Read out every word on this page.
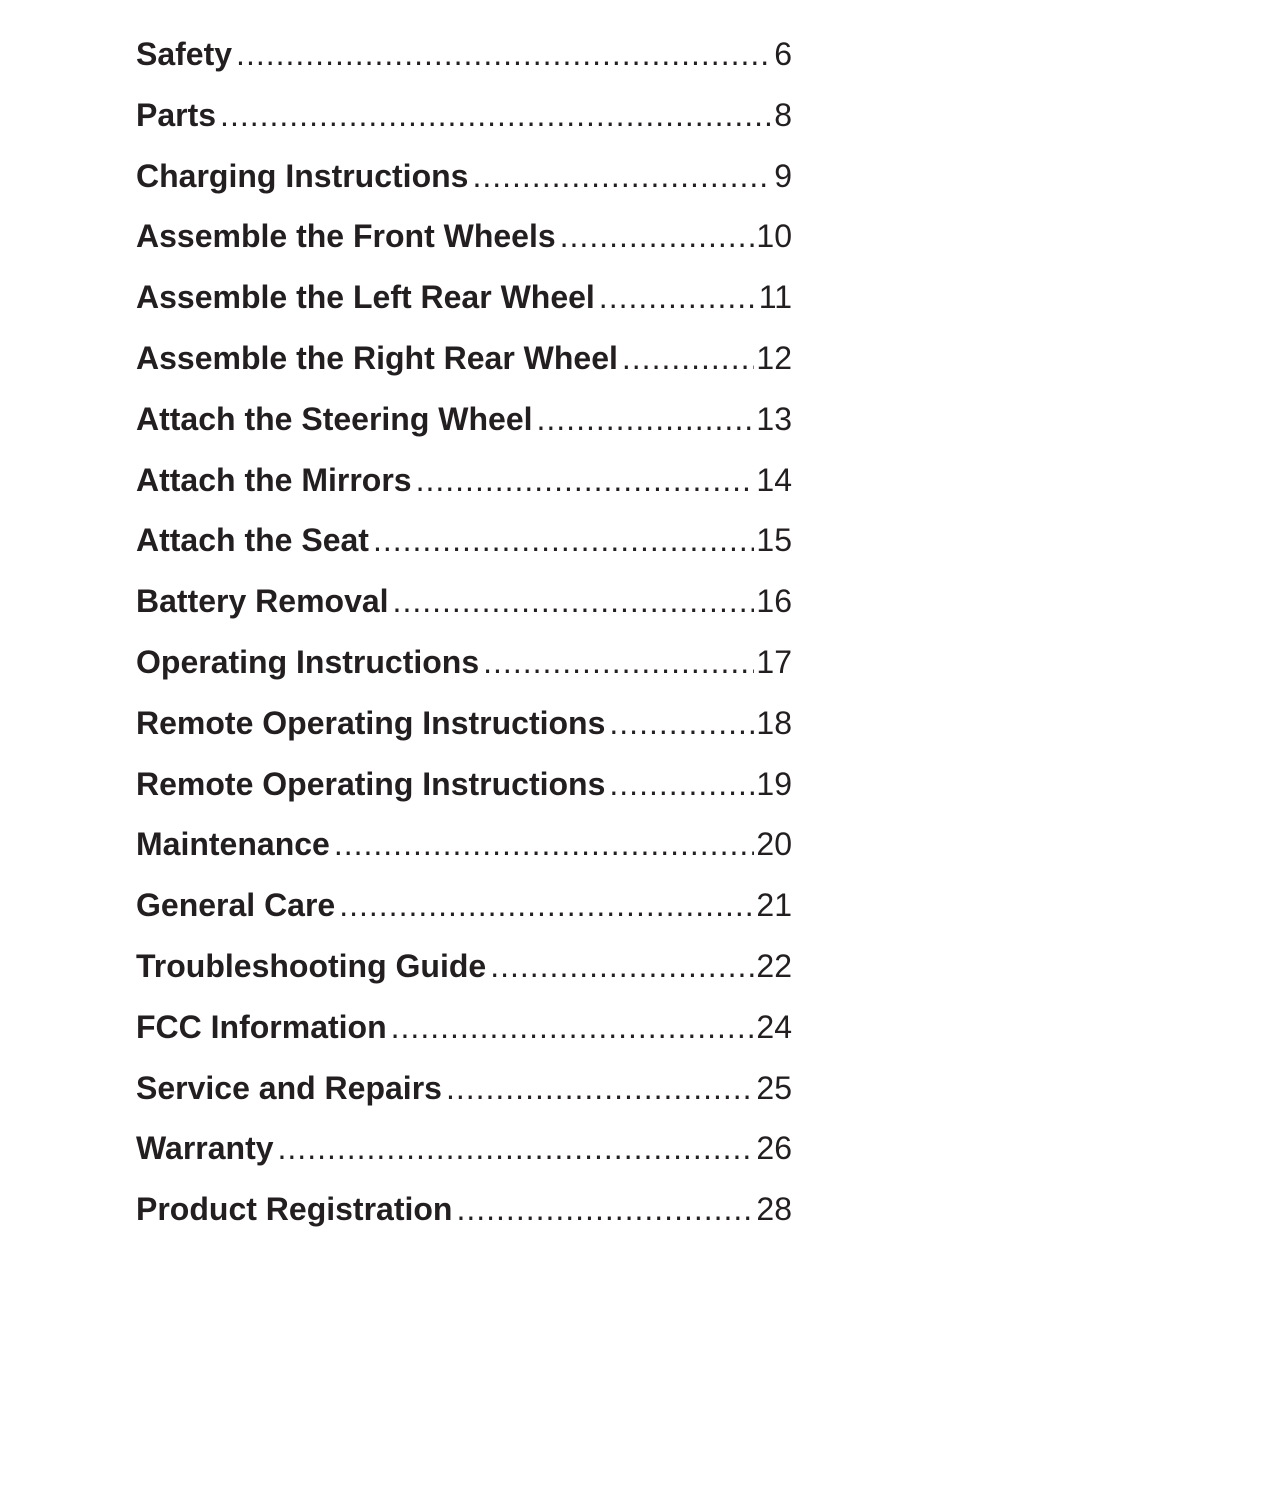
Safety .....	6
Parts .....	8
Charging Instructions .....	9
Assemble the Front Wheels .....	10
Assemble the Left Rear Wheel .....	11
Assemble the Right Rear Wheel .....	12
Attach the Steering Wheel .....	13
Attach the Mirrors .....	14
Attach the Seat .....	15
Battery Removal .....	16
Operating Instructions .....	17
Remote Operating Instructions .....	18
Remote Operating Instructions .....	19
Maintenance .....	20
General Care .....	21
Troubleshooting Guide .....	22
FCC Information .....	24
Service and Repairs .....	25
Warranty .....	26
Product Registration .....	28
